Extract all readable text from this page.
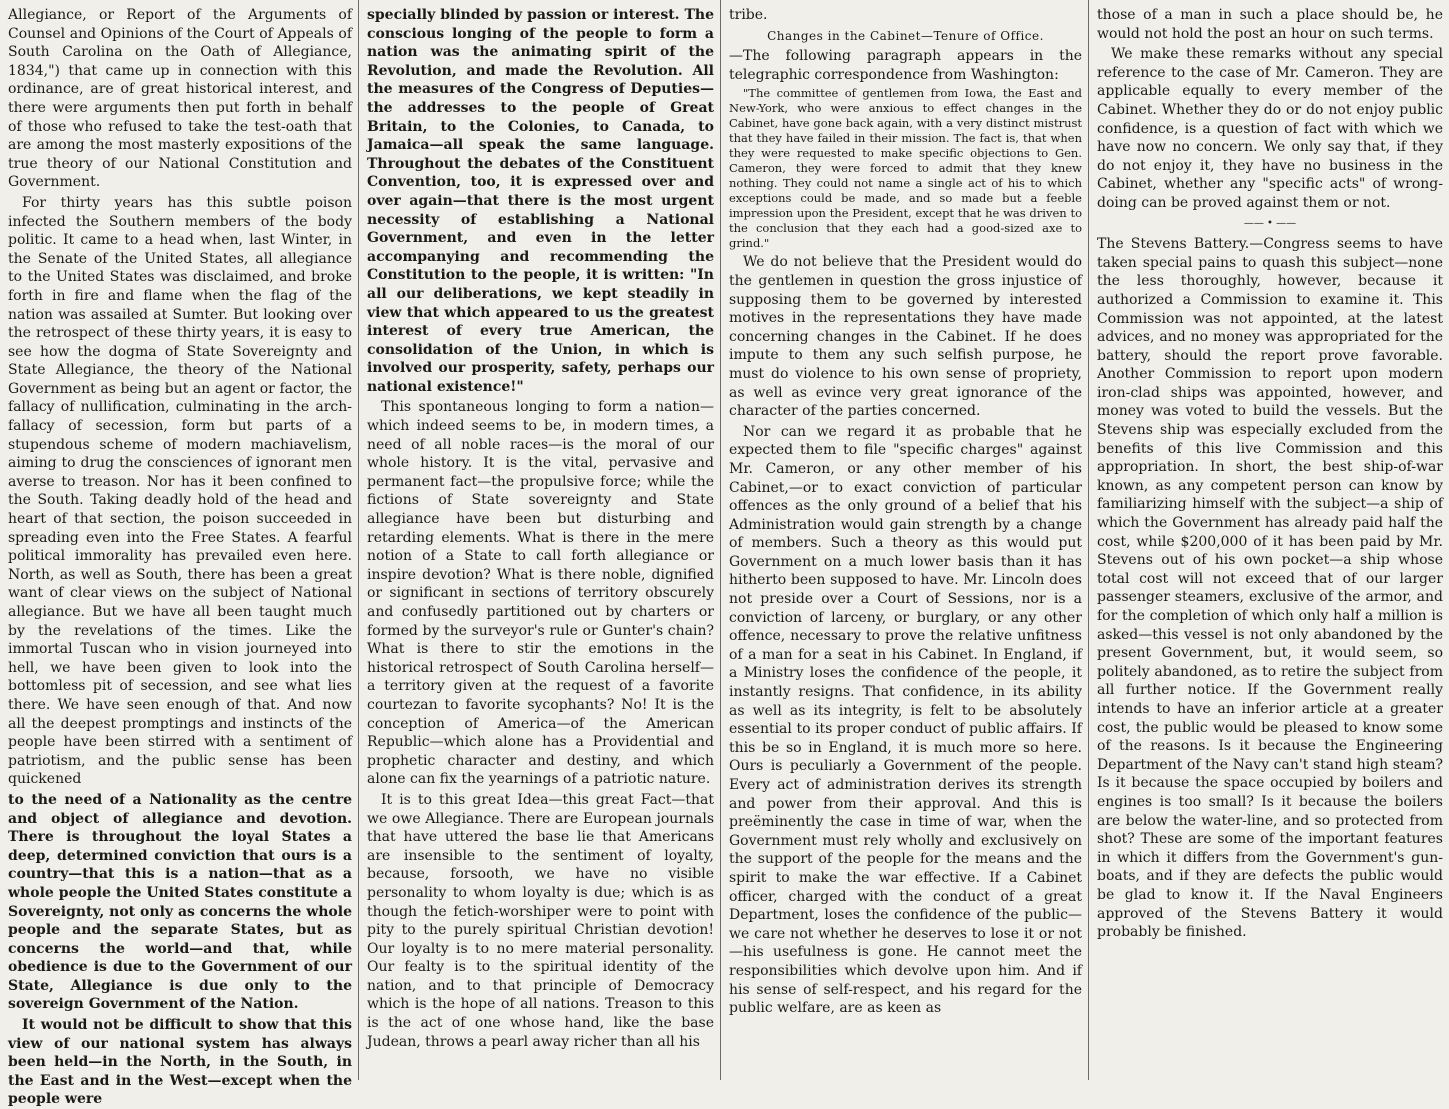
Allegiance, or Report of the Arguments of Counsel and Opinions of the Court of Appeals of South Carolina on the Oath of Allegiance, 1834,") that came up in connection with this ordinance, are of great historical interest, and there were arguments then put forth in behalf of those who refused to take the test-oath that are among the most masterly expositions of the true theory of our National Constitution and Government.

For thirty years has this subtle poison infected the Southern members of the body politic. It came to a head when, last Winter, in the Senate of the United States, all allegiance to the United States was disclaimed, and broke forth in fire and flame when the flag of the nation was assailed at Sumter. But looking over the retrospect of these thirty years, it is easy to see how the dogma of State Sovereignty and State Allegiance, the theory of the National Government as being but an agent or factor, the fallacy of nullification, culminating in the arch-fallacy of secession, form but parts of a stupendous scheme of modern machiavelism, aiming to drug the consciences of ignorant men averse to treason. Nor has it been confined to the South. Taking deadly hold of the head and heart of that section, the poison succeeded in spreading even into the Free States. A fearful political immorality has prevailed even here. North, as well as South, there has been a great want of clear views on the subject of National allegiance. But we have all been taught much by the revelations of the times. Like the immortal Tuscan who in vision journeyed into hell, we have been given to look into the bottomless pit of secession, and see what lies there. We have seen enough of that. And now all the deepest promptings and instincts of the people have been stirred with a sentiment of patriotism, and the public sense has been quickened

to the need of a Nationality as the centre and object of allegiance and devotion. There is throughout the loyal States a deep, determined conviction that ours is a country—that this is a nation—that as a whole people the United States constitute a Sovereignty, not only as concerns the whole people and the separate States, but as concerns the world—and that, while obedience is due to the Government of our State, Allegiance is due only to the sovereign Government of the Nation.

It would not be difficult to show that this view of our national system has always been held—in the North, in the South, in the East and in the West—except when the people were

specially blinded by passion or interest. The conscious longing of the people to form a nation was the animating spirit of the Revolution, and made the Revolution. All the measures of the Congress of Deputies—the addresses to the people of Great Britain, to the Colonies, to Canada, to Jamaica—all speak the same language. Throughout the debates of the Constituent Convention, too, it is expressed over and over again—that there is the most urgent necessity of establishing a National Government, and even in the letter accompanying and recommending the Constitution to the people, it is written: "In all our deliberations, we kept steadily in view that which appeared to us the greatest interest of every true American, the consolidation of the Union, in which is involved our prosperity, safety, perhaps our national existence!"

This spontaneous longing to form a nation—which indeed seems to be, in modern times, a need of all noble races—is the moral of our whole history. It is the vital, pervasive and permanent fact—the propulsive force; while the fictions of State sovereignty and State allegiance have been but disturbing and retarding elements. What is there in the mere notion of a State to call forth allegiance or inspire devotion? What is there noble, dignified or significant in sections of territory obscurely and confusedly partitioned out by charters or formed by the surveyor's rule or Gunter's chain? What is there to stir the emotions in the historical retrospect of South Carolina herself—a territory given at the request of a favorite courtezan to favorite sycophants? No! It is the conception of America—of the American Republic—which alone has a Providential and prophetic character and destiny, and which alone can fix the yearnings of a patriotic nature.

It is to this great Idea—this great Fact—that we owe Allegiance. There are European journals that have uttered the base lie that Americans are insensible to the sentiment of loyalty, because, forsooth, we have no visible personality to whom loyalty is due; which is as though the fetich-worshiper were to point with pity to the purely spiritual Christian devotion! Our loyalty is to no mere material personality. Our fealty is to the spiritual identity of the nation, and to that principle of Democracy which is the hope of all nations. Treason to this is the act of one whose hand, like the base Judean, throws a pearl away richer than all his

tribe.

Changes in the Cabinet—Tenure of Office.

—The following paragraph appears in the telegraphic correspondence from Washington:

"The committee of gentlemen from Iowa, the East and New-York, who were anxious to effect changes in the Cabinet, have gone back again, with a very distinct mistrust that they have failed in their mission. The fact is, that when they were requested to make specific objections to Gen. Cameron, they were forced to admit that they knew nothing. They could not name a single act of his to which exceptions could be made, and so made but a feeble impression upon the President, except that he was driven to the conclusion that they each had a good-sized axe to grind."

We do not believe that the President would do the gentlemen in question the gross injustice of supposing them to be governed by interested motives in the representations they have made concerning changes in the Cabinet. If he does impute to them any such selfish purpose, he must do violence to his own sense of propriety, as well as evince very great ignorance of the character of the parties concerned.

Nor can we regard it as probable that he expected them to file "specific charges" against Mr. Cameron, or any other member of his Cabinet,—or to exact conviction of particular offences as the only ground of a belief that his Administration would gain strength by a change of members. Such a theory as this would put Government on a much lower basis than it has hitherto been supposed to have. Mr. Lincoln does not preside over a Court of Sessions, nor is a conviction of larceny, or burglary, or any other offence, necessary to prove the relative unfitness of a man for a seat in his Cabinet. In England, if a Ministry loses the confidence of the people, it instantly resigns. That confidence, in its ability as well as its integrity, is felt to be absolutely essential to its proper conduct of public affairs. If this be so in England, it is much more so here. Ours is peculiarly a Government of the people. Every act of administration derives its strength and power from their approval. And this is preëminently the case in time of war, when the Government must rely wholly and exclusively on the support of the people for the means and the spirit to make the war effective. If a Cabinet officer, charged with the conduct of a great Department, loses the confidence of the public—we care not whether he deserves to lose it or not—his usefulness is gone. He cannot meet the responsibilities which devolve upon him. And if his sense of self-respect, and his regard for the public welfare, are as keen as

those of a man in such a place should be, he would not hold the post an hour on such terms.

We make these remarks without any special reference to the case of Mr. Cameron. They are applicable equally to every member of the Cabinet. Whether they do or do not enjoy public confidence, is a question of fact with which we have now no concern. We only say that, if they do not enjoy it, they have no business in the Cabinet, whether any "specific acts" of wrong-doing can be proved against them or not.

—— • ——

The Stevens Battery.—Congress seems to have taken special pains to quash this subject—none the less thoroughly, however, because it authorized a Commission to examine it. This Commission was not appointed, at the latest advices, and no money was appropriated for the battery, should the report prove favorable. Another Commission to report upon modern iron-clad ships was appointed, however, and money was voted to build the vessels. But the Stevens ship was especially excluded from the benefits of this live Commission and this appropriation. In short, the best ship-of-war known, as any competent person can know by familiarizing himself with the subject—a ship of which the Government has already paid half the cost, while $200,000 of it has been paid by Mr. Stevens out of his own pocket—a ship whose total cost will not exceed that of our larger passenger steamers, exclusive of the armor, and for the completion of which only half a million is asked—this vessel is not only abandoned by the present Government, but, it would seem, so politely abandoned, as to retire the subject from all further notice. If the Government really intends to have an inferior article at a greater cost, the public would be pleased to know some of the reasons. Is it because the Engineering Department of the Navy can't stand high steam? Is it because the space occupied by boilers and engines is too small? Is it because the boilers are below the water-line, and so protected from shot? These are some of the important features in which it differs from the Government's gun-boats, and if they are defects the public would be glad to know it. If the Naval Engineers approved of the Stevens Battery it would probably be finished.
